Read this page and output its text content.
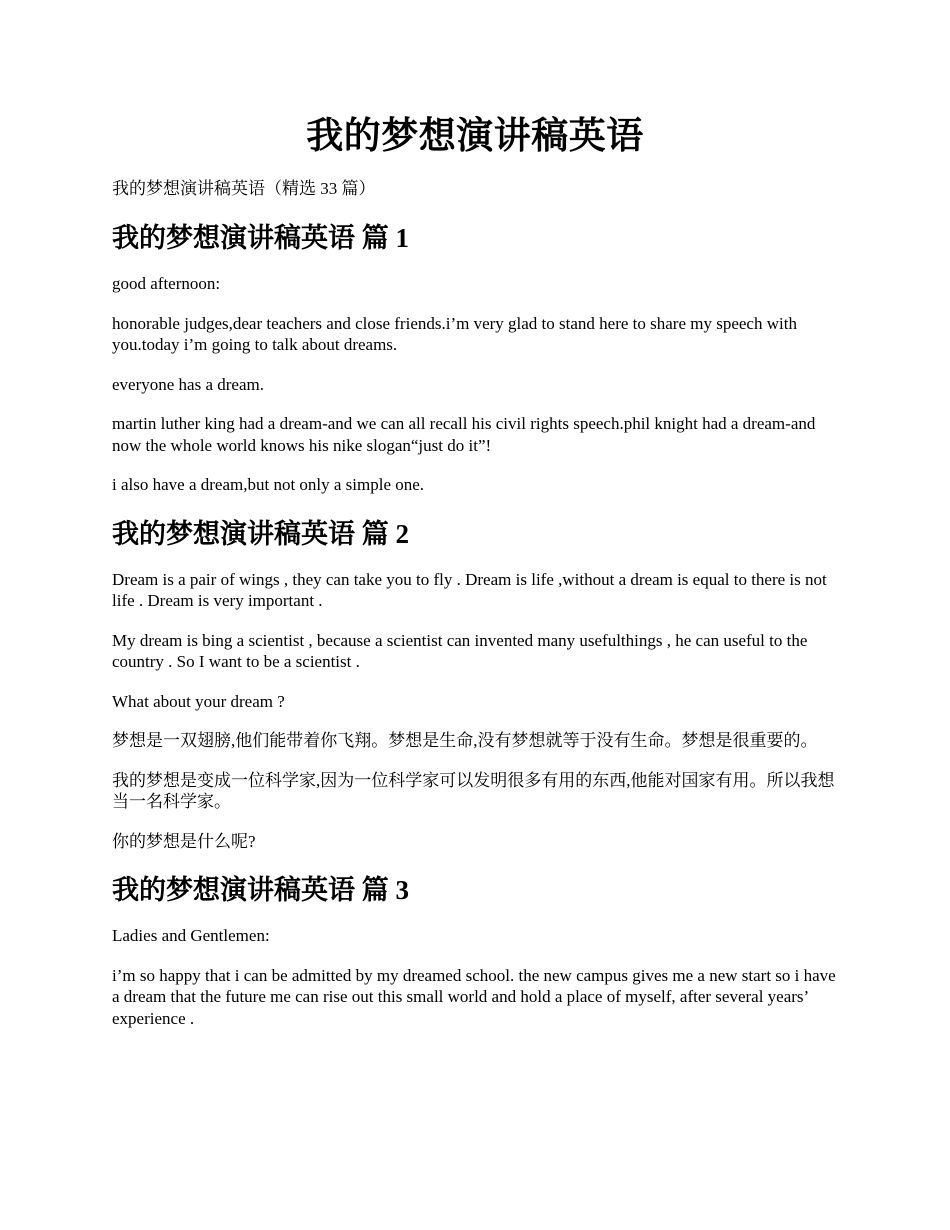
我的梦想演讲稿英语

我的梦想演讲稿英语（精选 33 篇）

我的梦想演讲稿英语 篇 1

good afternoon:

honorable judges,dear teachers and close friends.i’m very glad to stand here to share my speech with you.today i’m going to talk about dreams.

everyone has a dream.

martin luther king had a dream-and we can all recall his civil rights speech.phil knight had a dream-and now the whole world knows his nike slogan“just do it”!

i also have a dream,but not only a simple one.

我的梦想演讲稿英语 篇 2

Dream is a pair of wings , they can take you to fly . Dream is life ,without a dream is equal to there is not life . Dream is very important .

My dream is bing a scientist , because a scientist can invented many usefulthings , he can useful to the country . So I want to be a scientist .

What about your dream ?

梦想是一双翅膀,他们能带着你飞翔。梦想是生命,没有梦想就等于没有生命。梦想是很重要的。

我的梦想是变成一位科学家,因为一位科学家可以发明很多有用的东西,他能对国家有用。所以我想当一名科学家。

你的梦想是什么呢?

我的梦想演讲稿英语 篇 3

Ladies and Gentlemen:

i’m so happy that i can be admitted by my dreamed school. the new campus gives me a new start so i have a dream that the future me can rise out this small world and hold a place of myself, after several years’ experience .
